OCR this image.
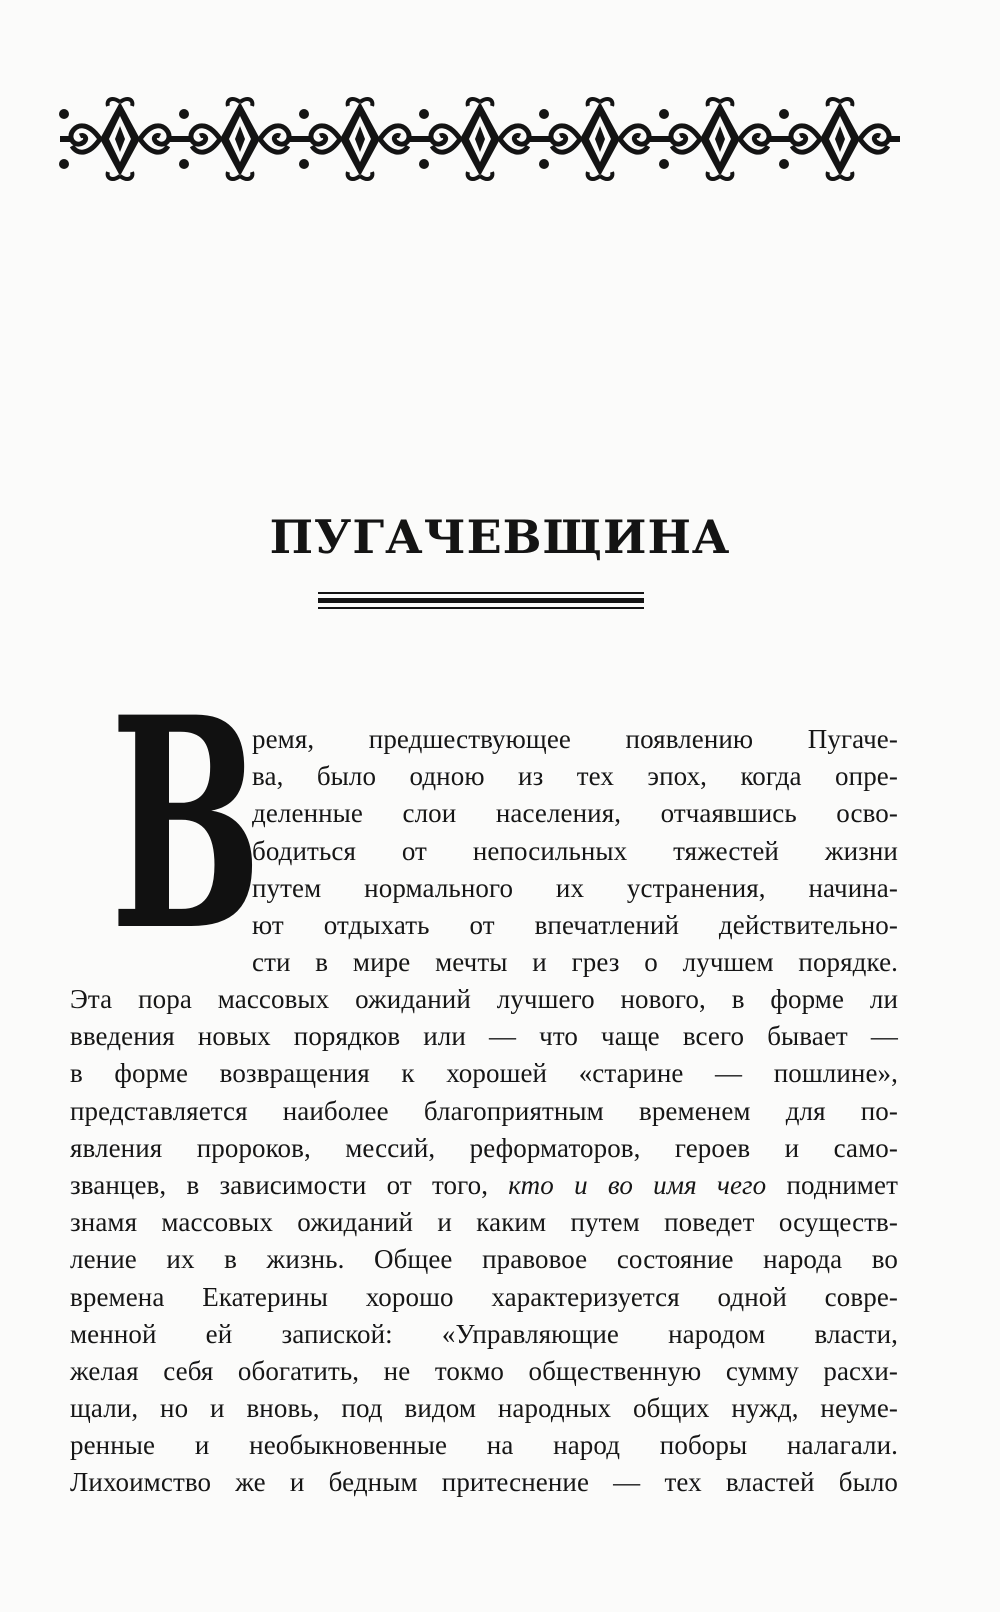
ПУГАЧЕВЩИНА
В
ремя, предшествующее появлению Пугаче-
ва, было одною из тех эпох, когда опре-
деленные слои населения, отчаявшись осво-
бодиться от непосильных тяжестей жизни
путем нормального их устранения, начина-
ют отдыхать от впечатлений действительно-
сти в мире мечты и грез о лучшем порядке.
Эта пора массовых ожиданий лучшего нового, в форме ли
введения новых порядков или — что чаще всего бывает —
в форме возвращения к хорошей «старине — пошлине»,
представляется наиболее благоприятным временем для по-
явления пророков, мессий, реформаторов, героев и само-
званцев, в зависимости от того, кто и во имя чего поднимет
знамя массовых ожиданий и каким путем поведет осуществ-
ление их в жизнь. Общее правовое состояние народа во
времена Екатерины хорошо характеризуется одной совре-
менной ей запиской: «Управляющие народом власти,
желая себя обогатить, не токмо общественную сумму расхи-
щали, но и вновь, под видом народных общих нужд, неуме-
ренные и необыкновенные на народ поборы налагали.
Лихоимство же и бедным притеснение — тех властей было
